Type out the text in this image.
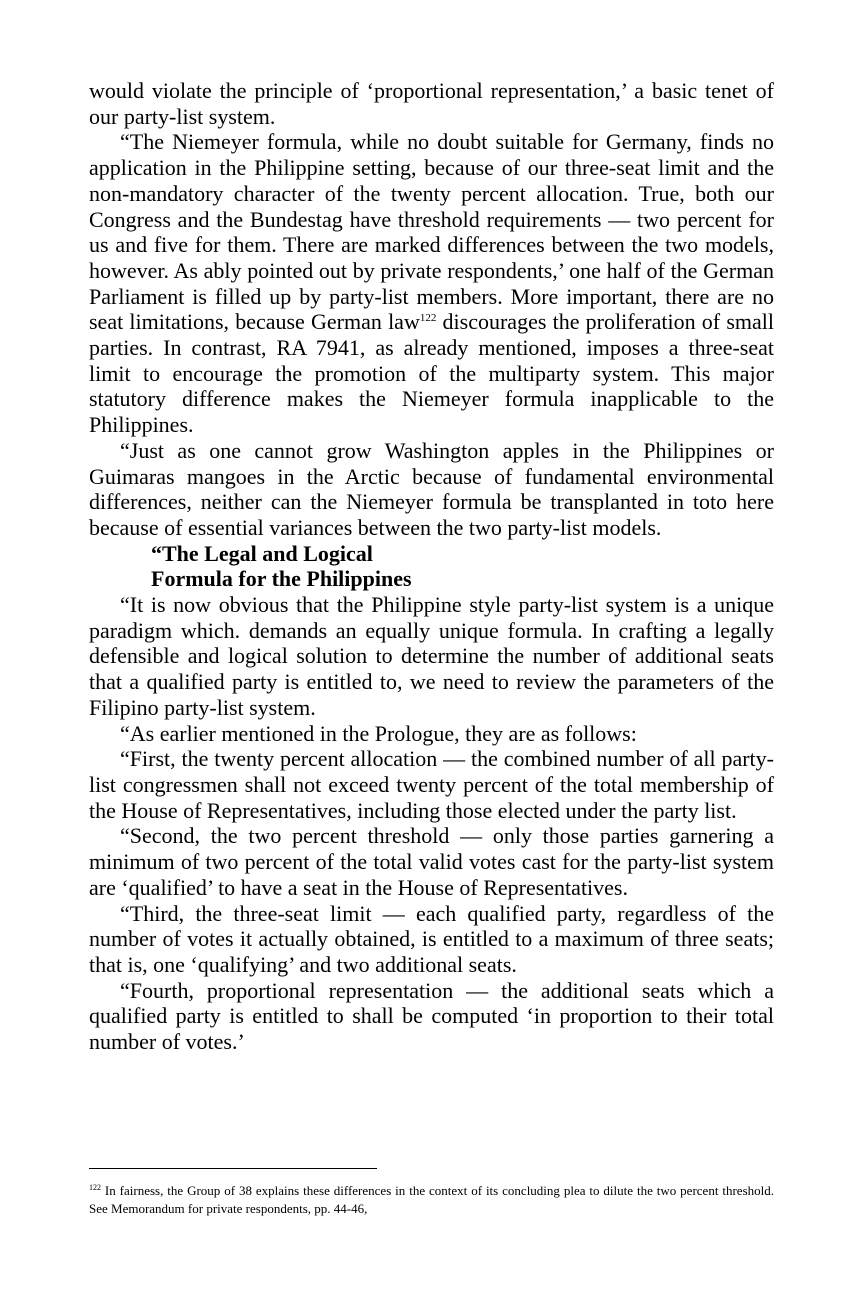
would violate the principle of ‘proportional representation,’ a basic tenet of our party-list system.

“The Niemeyer formula, while no doubt suitable for Germany, finds no application in the Philippine setting, because of our three-seat limit and the non-mandatory character of the twenty percent allocation. True, both our Congress and the Bundestag have threshold requirements — two percent for us and five for them. There are marked differences between the two models, however. As ably pointed out by private respondents,’ one half of the German Parliament is filled up by party-list members. More important, there are no seat limitations, because German law$^{122}$ discourages the proliferation of small parties. In contrast, RA 7941, as already mentioned, imposes a three-seat limit to encourage the promotion of the multiparty system. This major statutory difference makes the Niemeyer formula inapplicable to the Philippines.

“Just as one cannot grow Washington apples in the Philippines or Guimaras mangoes in the Arctic because of fundamental environmental differences, neither can the Niemeyer formula be transplanted in toto here because of essential variances between the two party-list models.

“The Legal and Logical

Formula for the Philippines

“It is now obvious that the Philippine style party-list system is a unique paradigm which. demands an equally unique formula. In crafting a legally defensible and logical solution to determine the number of additional seats that a qualified party is entitled to, we need to review the parameters of the Filipino party-list system.

“As earlier mentioned in the Prologue, they are as follows:

“First, the twenty percent allocation — the combined number of all party-list congressmen shall not exceed twenty percent of the total membership of the House of Representatives, including those elected under the party list.

“Second, the two percent threshold — only those parties garnering a minimum of two percent of the total valid votes cast for the party-list system are ‘qualified’ to have a seat in the House of Representatives.

“Third, the three-seat limit — each qualified party, regardless of the number of votes it actually obtained, is entitled to a maximum of three seats; that is, one ‘qualifying’ and two additional seats.

“Fourth, proportional representation — the additional seats which a qualified party is entitled to shall be computed ‘in proportion to their total number of votes.’

$^{122}$ In fairness, the Group of 38 explains these differences in the context of its concluding plea to dilute the two percent threshold. See Memorandum for private respondents, pp. 44-46,
